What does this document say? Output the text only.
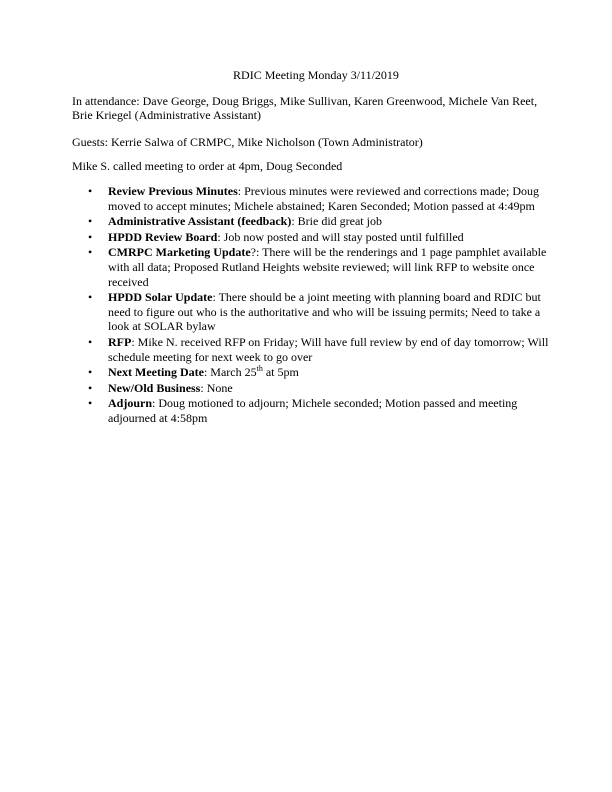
RDIC Meeting Monday 3/11/2019
In attendance: Dave George, Doug Briggs, Mike Sullivan, Karen Greenwood, Michele Van Reet, Brie Kriegel (Administrative Assistant)
Guests: Kerrie Salwa of CRMPC, Mike Nicholson (Town Administrator)
Mike S. called meeting to order at 4pm, Doug Seconded
• Review Previous Minutes: Previous minutes were reviewed and corrections made; Doug moved to accept minutes; Michele abstained; Karen Seconded; Motion passed at 4:49pm
• Administrative Assistant (feedback): Brie did great job
• HPDD Review Board: Job now posted and will stay posted until fulfilled
• CMRPC Marketing Update?: There will be the renderings and 1 page pamphlet available with all data; Proposed Rutland Heights website reviewed; will link RFP to website once received
• HPDD Solar Update: There should be a joint meeting with planning board and RDIC but need to figure out who is the authoritative and who will be issuing permits; Need to take a look at SOLAR bylaw
• RFP: Mike N. received RFP on Friday; Will have full review by end of day tomorrow; Will schedule meeting for next week to go over
• Next Meeting Date: March 25th at 5pm
• New/Old Business: None
• Adjourn: Doug motioned to adjourn; Michele seconded; Motion passed and meeting adjourned at 4:58pm
